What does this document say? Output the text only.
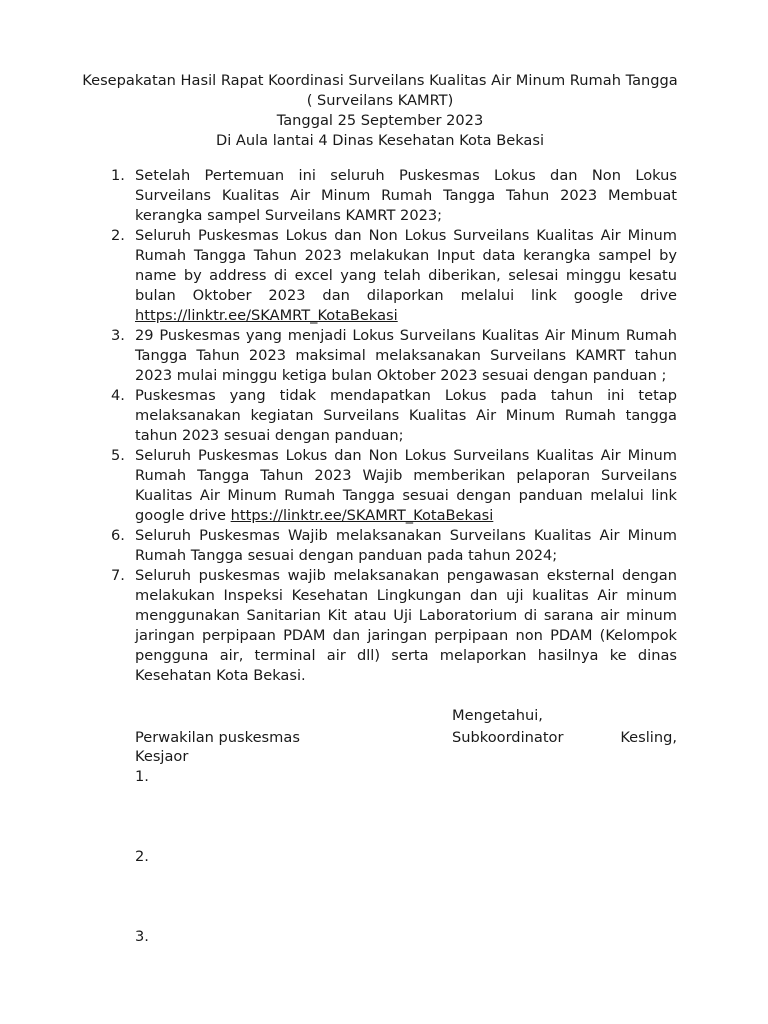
Kesepakatan Hasil Rapat Koordinasi Surveilans Kualitas Air Minum Rumah Tangga
( Surveilans KAMRT)
Tanggal 25 September 2023
Di Aula lantai 4 Dinas Kesehatan Kota Bekasi
1. Setelah Pertemuan ini seluruh Puskesmas Lokus dan Non Lokus Surveilans Kualitas Air Minum Rumah Tangga Tahun 2023 Membuat kerangka sampel Surveilans KAMRT 2023;
2. Seluruh Puskesmas Lokus dan Non Lokus Surveilans Kualitas Air Minum Rumah Tangga Tahun 2023 melakukan Input data kerangka sampel by name by address di excel yang telah diberikan, selesai minggu kesatu bulan Oktober 2023 dan dilaporkan melalui link google drive https://linktr.ee/SKAMRT_KotaBekasi
3. 29 Puskesmas yang menjadi Lokus Surveilans Kualitas Air Minum Rumah Tangga Tahun 2023 maksimal melaksanakan Surveilans KAMRT tahun 2023 mulai minggu ketiga bulan Oktober 2023 sesuai dengan panduan ;
4. Puskesmas yang tidak mendapatkan Lokus pada tahun ini tetap melaksanakan kegiatan Surveilans Kualitas Air Minum Rumah tangga tahun 2023 sesuai dengan panduan;
5. Seluruh Puskesmas Lokus dan Non Lokus Surveilans Kualitas Air Minum Rumah Tangga Tahun 2023 Wajib memberikan pelaporan Surveilans Kualitas Air Minum Rumah Tangga sesuai dengan panduan melalui link google drive https://linktr.ee/SKAMRT_KotaBekasi
6. Seluruh Puskesmas Wajib melaksanakan Surveilans Kualitas Air Minum Rumah Tangga sesuai dengan panduan pada tahun 2024;
7. Seluruh puskesmas wajib melaksanakan pengawasan eksternal dengan melakukan Inspeksi Kesehatan Lingkungan dan uji kualitas Air minum menggunakan Sanitarian Kit atau Uji Laboratorium di sarana air minum jaringan perpipaan PDAM dan jaringan perpipaan non PDAM (Kelompok pengguna air, terminal air dll) serta melaporkan hasilnya ke dinas Kesehatan Kota Bekasi.
Mengetahui,
Perwakilan puskesmas	Subkoordinator	Kesling,
Kesjaor
1.
2.
3.
